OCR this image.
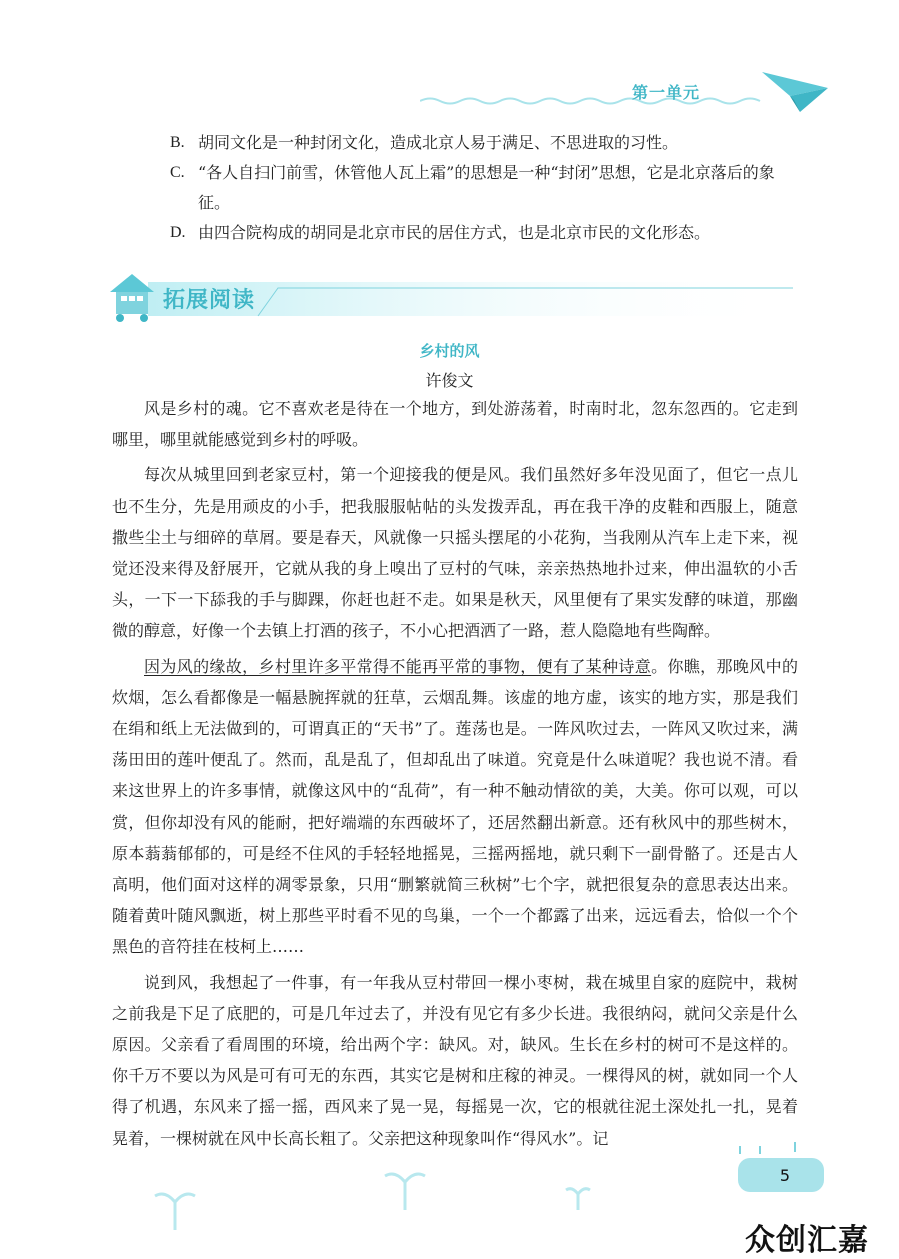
第一单元
B. 胡同文化是一种封闭文化，造成北京人易于满足、不思进取的习性。
C. “各人自扫门前雪，休管他人瓦上霜”的思想是一种“封闭”思想，它是北京落后的象征。
D. 由四合院构成的胡同是北京市民的居住方式，也是北京市民的文化形态。
拓展阅读
乡村的风
许俊文

风是乡村的魂。它不喜欢老是待在一个地方，到处游荡着，时南时北，忽东忽西的。它走到哪里，哪里就能感觉到乡村的呼吸。

每次从城里回到老家豆村，第一个迎接我的便是风。我们虽然好多年没见面了，但它一点儿也不生分，先是用顽皮的小手，把我服服帖帖的头发拨弄乱，再在我干净的皮鞋和西服上，随意撒些尘土与细碎的草屑。要是春天，风就像一只摇头摆尾的小花狗，当我刚从汽车上走下来，视觉还没来得及舒展开，它就从我的身上嗅出了豆村的气味，亲亲热热地扑过来，伸出温软的小舌头，一下一下舔我的手与脚踝，你赶也赶不走。如果是秋天，风里便有了果实发酵的味道，那幽微的醇意，好像一个去镇上打酒的孩子，不小心把酒洒了一路，惹人隐隐地有些陶醉。

因为风的缘故，乡村里许多平常得不能再平常的事物，便有了某种诗意。你瞧，那晚风中的炊烟，怎么看都像是一幅悬腕挥就的狂草，云烟乱舞。该虚的地方虚，该实的地方实，那是我们在绢和纸上无法做到的，可谓真正的“天书”了。莲荡也是。一阵风吹过去，一阵风又吹过来，满荡田田的莲叶便乱了。然而，乱是乱了，但却乱出了味道。究竟是什么味道呢？我也说不清。看来这世界上的许多事情，就像这风中的“乱荷”，有一种不触动情欲的美，大美。你可以观，可以赏，但你却没有风的能耐，把好端端的东西破坏了，还居然翻出新意。还有秋风中的那些树木，原本蓊蓊郁郁的，可是经不住风的手轻轻地摇晃，三摇两摇地，就只剩下一副骨骼了。还是古人高明，他们面对这样的凋零景象，只用“删繁就简三秋树”七个字，就把很复杂的意思表达出来。随着黄叶随风飘逝，树上那些平时看不见的鸟巢，一个一个都露了出来，远远看去，恰似一个个黑色的音符挂在枝柯上……

说到风，我想起了一件事，有一年我从豆村带回一棵小枣树，栽在城里自家的庭院中，栽树之前我是下足了底肥的，可是几年过去了，并没有见它有多少长进。我很纳闷，就问父亲是什么原因。父亲看了看周围的环境，给出两个字：缺风。对，缺风。生长在乡村的树可不是这样的。你千万不要以为风是可有可无的东西，其实它是树和庄稼的神灵。一棵得风的树，就如同一个人得了机遇，东风来了摇一摇，西风来了晃一晃，每摇晃一次，它的根就往泥土深处扎一扎，晃着晃着，一棵树就在风中长高长粗了。父亲把这种现象叫作“得风水”。记

5
众创汇嘉
